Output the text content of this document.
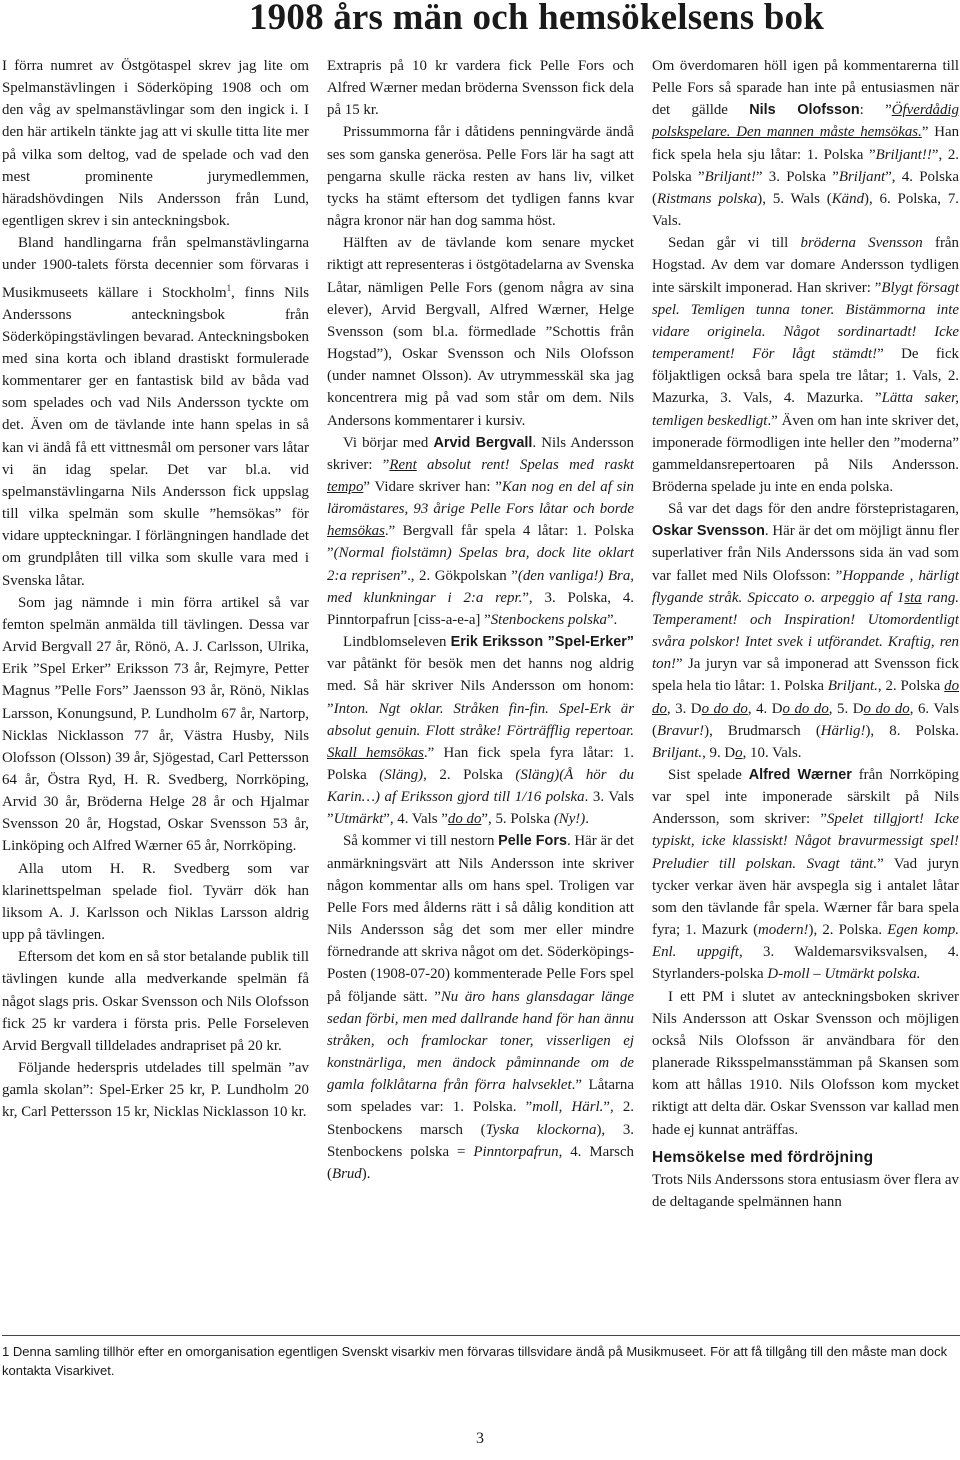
1908 års män och hemsökelsens bok

I förra numret av Östgötaspel skrev jag lite om Spelmanstävlingen i Söderköping 1908 och om den våg av spelmanstävlingar som den ingick i. I den här artikeln tänkte jag att vi skulle titta lite mer på vilka som deltog, vad de spelade och vad den mest prominente jurymedlemmen, häradshövdingen Nils Andersson från Lund, egentligen skrev i sin anteckningsbok.

Bland handlingarna från spelmanstävlingarna under 1900-talets första decennier som förvaras i Musikmuseets källare i Stockholm$^1$, finns Nils Anderssons anteckningsbok från Söderköpingstävlingen bevarad. Anteckningsboken med sina korta och ibland drastiskt formulerade kommentarer ger en fantastisk bild av båda vad som spelades och vad Nils Andersson tyckte om det. Även om de tävlande inte hann spelas in så kan vi ändå få ett vittnesmål om personer vars låtar vi än idag spelar. Det var bl.a. vid spelmanstävlingarna Nils Andersson fick uppslag till vilka spelmän som skulle ”hemsökas” för vidare uppteckningar. I förlängningen handlade det om grundplåten till vilka som skulle vara med i Svenska låtar.

Som jag nämnde i min förra artikel så var femton spelmän anmälda till tävlingen. Dessa var Arvid Bergvall 27 år, Rönö, A. J. Carlsson, Ulrika, Erik ”Spel Erker” Eriksson 73 år, Rejmyre, Petter Magnus ”Pelle Fors” Jaensson 93 år, Rönö, Niklas Larsson, Konungsund, P. Lundholm 67 år, Nartorp, Nicklas Nicklasson 77 år, Västra Husby, Nils Olofsson (Olsson) 39 år, Sjögestad, Carl Pettersson 64 år, Östra Ryd, H. R. Svedberg, Norrköping, Arvid 30 år, Bröderna Helge 28 år och Hjalmar Svensson 20 år, Hogstad, Oskar Svensson 53 år, Linköping och Alfred Wærner 65 år, Norrköping.

Alla utom H. R. Svedberg som var klarinettspelman spelade fiol. Tyvärr dök han liksom A. J. Karlsson och Niklas Larsson aldrig upp på tävlingen.

Eftersom det kom en så stor betalande publik till tävlingen kunde alla medverkande spelmän få något slags pris. Oskar Svensson och Nils Olofsson fick 25 kr vardera i första pris. Pelle Forseleven Arvid Bergvall tilldelades andrapriset på 20 kr.

Följande hederspris utdelades till spelmän ”av gamla skolan”: Spel-Erker 25 kr, P. Lundholm 20 kr, Carl Pettersson 15 kr, Nicklas Nicklasson 10 kr.

Extrapris på 10 kr vardera fick Pelle Fors och Alfred Wærner medan bröderna Svensson fick dela på 15 kr.

Prissummorna får i dåtidens penningvärde ändå ses som ganska generösa. Pelle Fors lär ha sagt att pengarna skulle räcka resten av hans liv, vilket tycks ha stämt eftersom det tydligen fanns kvar några kronor när han dog samma höst.

Hälften av de tävlande kom senare mycket riktigt att representeras i östgötadelarna av Svenska Låtar, nämligen Pelle Fors (genom några av sina elever), Arvid Bergvall, Alfred Wærner, Helge Svensson (som bl.a. förmedlade ”Schottis från Hogstad”), Oskar Svensson och Nils Olofsson (under namnet Olsson). Av utrymmesskäl ska jag koncentrera mig på vad som står om dem. Nils Andersons kommentarer i kursiv.

Vi börjar med Arvid Bergvall. Nils Andersson skriver: ”Rent absolut rent! Spelas med raskt tempo” Vidare skriver han: ”Kan nog en del af sin läromästares, 93 årige Pelle Fors låtar och borde hemsökas.” Bergvall får spela 4 låtar: 1. Polska ”(Normal fiolstämn) Spelas bra, dock lite oklart 2:a reprisen”., 2. Gökpolskan ”(den vanliga!) Bra, med klunkningar i 2:a repr.”, 3. Polska, 4. Pinntorpafrun [ciss-a-e-a] ”Stenbockens polska”.

Lindblomseleven Erik Eriksson ”Spel-Erker” var påtänkt för besök men det hanns nog aldrig med. Så här skriver Nils Andersson om honom: ”Inton. Ngt oklar. Stråken fin-fin. Spel-Erk är absolut genuin. Flott stråke! Förträfflig repertoar. Skall hemsökas.” Han fick spela fyra låtar: 1. Polska (Släng), 2. Polska (Släng)(Å hör du Karin…) af Eriksson gjord till 1/16 polska. 3. Vals ”Utmärkt”, 4. Vals ”do do”, 5. Polska (Ny!).

Så kommer vi till nestorn Pelle Fors. Här är det anmärkningsvärt att Nils Andersson inte skriver någon kommentar alls om hans spel. Troligen var Pelle Fors med ålderns rätt i så dålig kondition att Nils Andersson såg det som mer eller mindre förnedrande att skriva något om det. Söderköpings-Posten (1908-07-20) kommenterade Pelle Fors spel på följande sätt. ”Nu äro hans glansdagar länge sedan förbi, men med dallrande hand för han ännu stråken, och framlockar toner, visserligen ej konstnärliga, men ändock påminnande om de gamla folklåtarna från förra halvseklet.” Låtarna som spelades var: 1. Polska. ”moll, Härl.”, 2. Stenbockens marsch (Tyska klockorna), 3. Stenbockens polska = Pinntorpafrun, 4. Marsch (Brud).

Om överdomaren höll igen på kommentarerna till Pelle Fors så sparade han inte på entusiasmen när det gällde Nils Olofsson: ”Öfverdådig polskspelare. Den mannen måste hemsökas.” Han fick spela hela sju låtar: 1. Polska ”Briljant!!”, 2. Polska ”Briljant!” 3. Polska ”Briljant”, 4. Polska (Ristmans polska), 5. Wals (Känd), 6. Polska, 7. Vals.

Sedan går vi till bröderna Svensson från Hogstad. Av dem var domare Andersson tydligen inte särskilt imponerad. Han skriver: ”Blygt försagt spel. Temligen tunna toner. Bistämmorna inte vidare originela. Något sordinartadt! Icke temperament! För lågt stämdt!” De fick följaktligen också bara spela tre låtar; 1. Vals, 2. Mazurka, 3. Vals, 4. Mazurka. ”Lätta saker, temligen beskedligt.” Även om han inte skriver det, imponerade förmodligen inte heller den ”moderna” gammeldansrepertoaren på Nils Andersson. Bröderna spelade ju inte en enda polska.

Så var det dags för den andre förstepristagaren, Oskar Svensson. Här är det om möjligt ännu fler superlativer från Nils Anderssons sida än vad som var fallet med Nils Olofsson: ”Hoppande , härligt flygande stråk. Spiccato o. arpeggio af 1sta rang. Temperament! och Inspiration! Utomordentligt svåra polskor! Intet svek i utförandet. Kraftig, ren ton!” Ja juryn var så imponerad att Svensson fick spela hela tio låtar: 1. Polska Briljant., 2. Polska do do, 3. Do do do, 4. Do do do, 5. Do do do, 6. Vals (Bravur!), Brudmarsch (Härlig!), 8. Polska. Briljant., 9. Do, 10. Vals.

Sist spelade Alfred Wærner från Norrköping var spel inte imponerade särskilt på Nils Andersson, som skriver: ”Spelet tillgjort! Icke typiskt, icke klassiskt! Något bravurmessigt spel! Preludier till polskan. Svagt tänt.” Vad juryn tycker verkar även här avspegla sig i antalet låtar som den tävlande får spela. Wærner får bara spela fyra; 1. Mazurk (modern!), 2. Polska. Egen komp. Enl. uppgift, 3. Waldemarsviksvalsen, 4. Styrlanders-polska D-moll – Utmärkt polska.

I ett PM i slutet av anteckningsboken skriver Nils Andersson att Oskar Svensson och möjligen också Nils Olofsson är användbara för den planerade Riksspelmansstämman på Skansen som kom att hållas 1910. Nils Olofsson kom mycket riktigt att delta där. Oskar Svensson var kallad men hade ej kunnat anträffas.

Hemsökelse med fördröjning

Trots Nils Anderssons stora entusiasm över flera av de deltagande spelmännen hann

1 Denna samling tillhör efter en omorganisation egentligen Svenskt visarkiv men förvaras tillsvidare ändå på Musikmuseet. För att få tillgång till den måste man dock kontakta Visarkivet.
3
